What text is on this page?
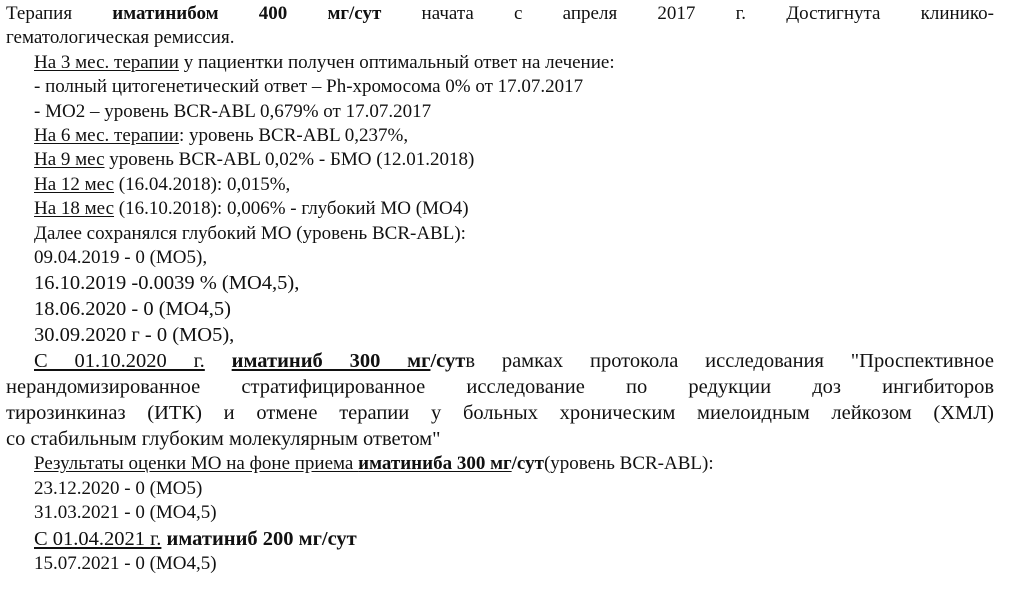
Терапия иматинибом 400 мг/сут начата с апреля 2017 г. Достигнута клинико-
гематологическая ремиссия.
На 3 мес. терапии у пациентки получен оптимальный ответ на лечение:
- полный цитогенетический ответ – Ph-хромосома 0% от 17.07.2017
- МО2 – уровень BCR-ABL 0,679% от 17.07.2017
На 6 мес. терапии: уровень BCR-ABL 0,237%,
На 9 мес уровень BCR-ABL 0,02% - БМО (12.01.2018)
На 12 мес (16.04.2018): 0,015%,
На 18 мес (16.10.2018): 0,006% - глубокий МО (МО4)
Далее сохранялся глубокий МО (уровень BCR-ABL):
09.04.2019 - 0 (МО5),
16.10.2019 -0.0039 % (МО4,5),
18.06.2020 - 0 (МО4,5)
30.09.2020 г - 0 (МО5),
С 01.10.2020 г. иматиниб 300 мг/сутв рамках протокола исследования "Проспективное
нерандомизированное стратифицированное исследование по редукции доз ингибиторов
тирозинкиназ (ИТК) и отмене терапии у больных хроническим миелоидным лейкозом (ХМЛ)
со стабильным глубоким молекулярным ответом"
Результаты оценки МО на фоне приема иматиниба 300 мг/сут(уровень BCR-ABL):
23.12.2020 - 0 (МО5)
31.03.2021 - 0 (МО4,5)
С 01.04.2021 г. иматиниб 200 мг/сут
15.07.2021 - 0 (МО4,5)
